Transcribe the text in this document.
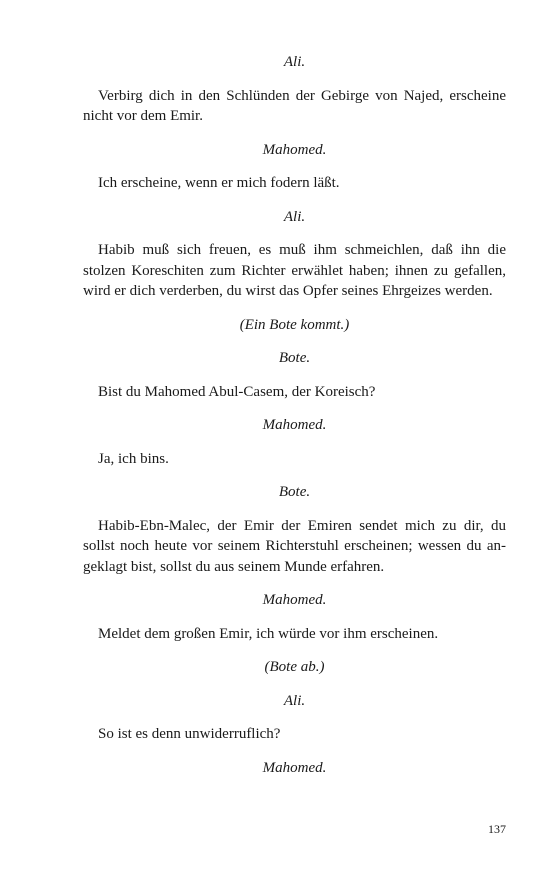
Ali.

Verbirg dich in den Schlünden der Gebirge von Najed, erscheine nicht vor dem Emir.

Mahomed.

Ich erscheine, wenn er mich fodern läßt.

Ali.

Habib muß sich freuen, es muß ihm schmeichlen, daß ihn die stolzen Koreschiten zum Richter erwählet haben; ihnen zu gefallen, wird er dich verderben, du wirst das Opfer seines Ehrgeizes werden.

(Ein Bote kommt.)

Bote.

Bist du Mahomed Abul-Casem, der Koreisch?

Mahomed.

Ja, ich bins.

Bote.

Habib-Ebn-Malec, der Emir der Emiren sendet mich zu dir, du sollst noch heute vor seinem Richterstuhl erscheinen; wessen du angeklagt bist, sollst du aus seinem Munde erfahren.

Mahomed.

Meldet dem großen Emir, ich würde vor ihm erscheinen.

(Bote ab.)

Ali.

So ist es denn unwiderruflich?

Mahomed.

137
